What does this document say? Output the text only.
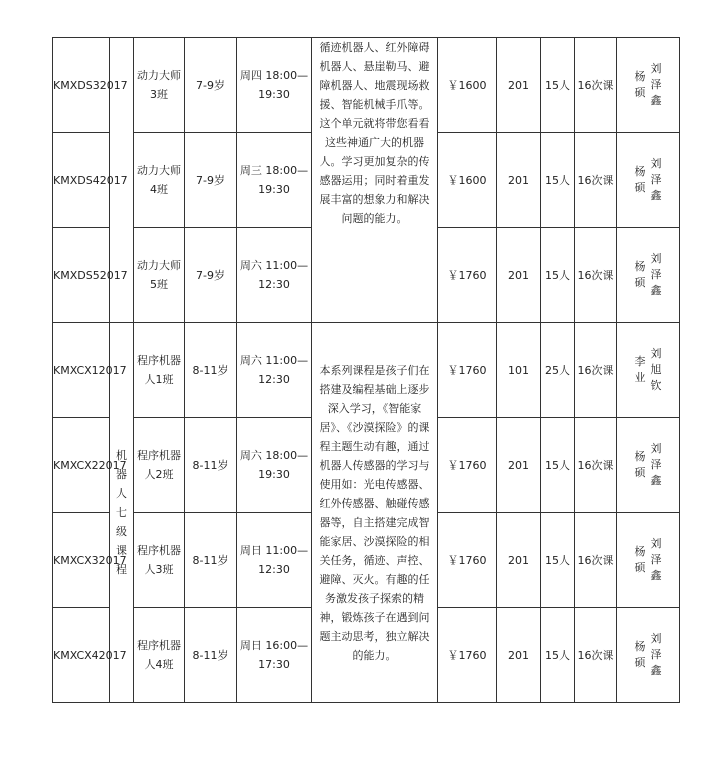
KMXDS32017		动力大师3班	7-9岁	周四 18:00—19:30	循迹机器人、红外障碍机器人、悬崖勒马、避障机器人、地震现场救援、智能机械手爪等。这个单元就将带您看看这些神通广大的机器人。学习更加复杂的传感器运用；同时着重发展丰富的想象力和解决问题的能力。	￥1600	201	15人	16次课	杨硕刘泽鑫
KMXDS42017		动力大师4班	7-9岁	周三 18:00—19:30		￥1600	201	15人	16次课	杨硕刘泽鑫
KMXDS52017		动力大师5班	7-9岁	周六 11:00—12:30		￥1760	201	15人	16次课	杨硕刘泽鑫
KMXCX12017	机器人七级课程	程序机器人1班	8-11岁	周六 11:00—12:30	本系列课程是孩子们在搭建及编程基础上逐步深入学习，《智能家居》、《沙漠探险》的课程主题生动有趣，通过机器人传感器的学习与使用如：光电传感器、红外传感器、触碰传感器等，自主搭建完成智能家居、沙漠探险的相关任务，循迹、声控、避障、灭火。有趣的任务激发孩子探索的精神，锻炼孩子在遇到问题主动思考，独立解决的能力。	￥1760	101	25人	16次课	李业刘旭钦
KMXCX22017		程序机器人2班	8-11岁	周六 18:00—19:30		￥1760	201	15人	16次课	杨硕刘泽鑫
KMXCX32017		程序机器人3班	8-11岁	周日 11:00—12:30		￥1760	201	15人	16次课	杨硕刘泽鑫
KMXCX42017		程序机器人4班	8-11岁	周日 16:00—17:30		￥1760	201	15人	16次课	杨硕刘泽鑫
